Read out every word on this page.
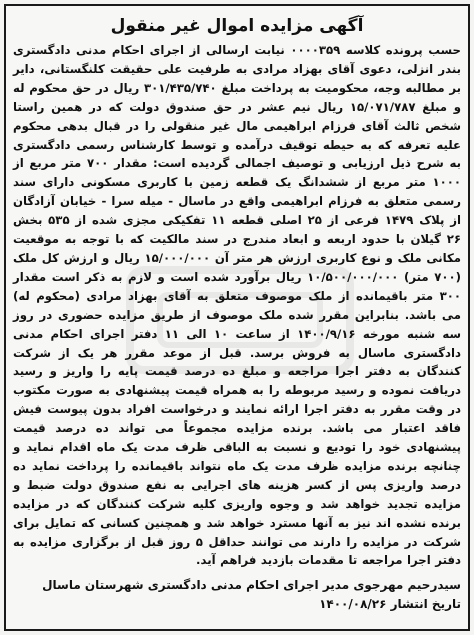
آگهی مزایده اموال غیر منقول

حسب پرونده کلاسه ۰۰۰۰۳۵۹ نیابت ارسالی از اجرای احکام مدنی دادگستری بندر انزلی، دعوی آقای بهزاد مرادی به طرفیت علی حقیقت کلنگستانی، دایر بر مطالبه وجه، محکومیت به پرداخت مبلغ ۳۰۱/۴۳۵/۷۴۰ ریال در حق محکوم له و مبلغ ۱۵/۰۷۱/۷۸۷ ریال نیم عشر در حق صندوق دولت که در همین راستا شخص ثالث آقای فرزام ابراهیمی مال غیر منقولی را در قبال بدهی محکوم علیه تعرفه که به حیطه توقیف درآمده و توسط کارشناس رسمی دادگستری به شرح ذیل ارزیابی و توصیف اجمالی گردیده است: مقدار ۷۰۰ متر مربع از ۱۰۰۰ متر مربع از ششدانگ یک قطعه زمین با کاربری مسکونی دارای سند رسمی متعلق به فرزام ابراهیمی واقع در ماسال - میله سرا - خیابان آزادگان از پلاک ۱۴۷۹ فرعی از ۲۵ اصلی قطعه ۱۱ تفکیکی مجزی شده از ۵۳۵ بخش ۲۶ گیلان با حدود اربعه و ابعاد مندرج در سند مالکیت که با توجه به موقعیت مکانی ملک و نوع کاربری ارزش هر متر آن ۱۵/۰۰۰/۰۰۰ ریال و ارزش کل ملک (۷۰۰ متر) ۱۰/۵۰۰/۰۰۰/۰۰۰ ریال برآورد شده است و لازم به ذکر است مقدار ۳۰۰ متر باقیمانده از ملک موصوف متعلق به آقای بهزاد مرادی (محکوم له) می باشد. بنابراین مقرر شده ملک موصوف از طریق مزایده حضوری در روز سه شنبه مورخه ۱۴۰۰/۹/۱۶ از ساعت ۱۰ الی ۱۱ دفتر اجرای احکام مدنی دادگستری ماسال به فروش برسد. قبل از موعد مقرر هر یک از شرکت کنندگان به دفتر اجرا مراجعه و مبلغ ده درصد قیمت پایه را واریز و رسید دریافت نموده و رسید مربوطه را به همراه قیمت پیشنهادی به صورت مکتوب در وقت مقرر به دفتر اجرا ارائه نمایند و درخواست افراد بدون پیوست فیش فاقد اعتبار می باشد. برنده مزایده مجموعاً می تواند ده درصد قیمت پیشنهادی خود را تودیع و نسبت به الباقی ظرف مدت یک ماه اقدام نماید و چنانچه برنده مزایده ظرف مدت یک ماه نتواند باقیمانده را پرداخت نماید ده درصد واریزی پس از کسر هزینه های اجرایی به نفع صندوق دولت ضبط و مزایده تجدید خواهد شد و وجوه واریزی کلیه شرکت کنندگان که در مزایده برنده نشده اند نیز به آنها مسترد خواهد شد و همچنین کسانی که تمایل برای شرکت در مزایده را دارند می توانند حداقل ۵ روز قبل از برگزاری مزایده به دفتر اجرا مراجعه تا مقدمات بازدید فراهم آید.

سیدرحیم مهرجوی مدیر اجرای احکام مدنی دادگستری شهرستان ماسال
تاریخ انتشار ۱۴۰۰/۰۸/۲۶
